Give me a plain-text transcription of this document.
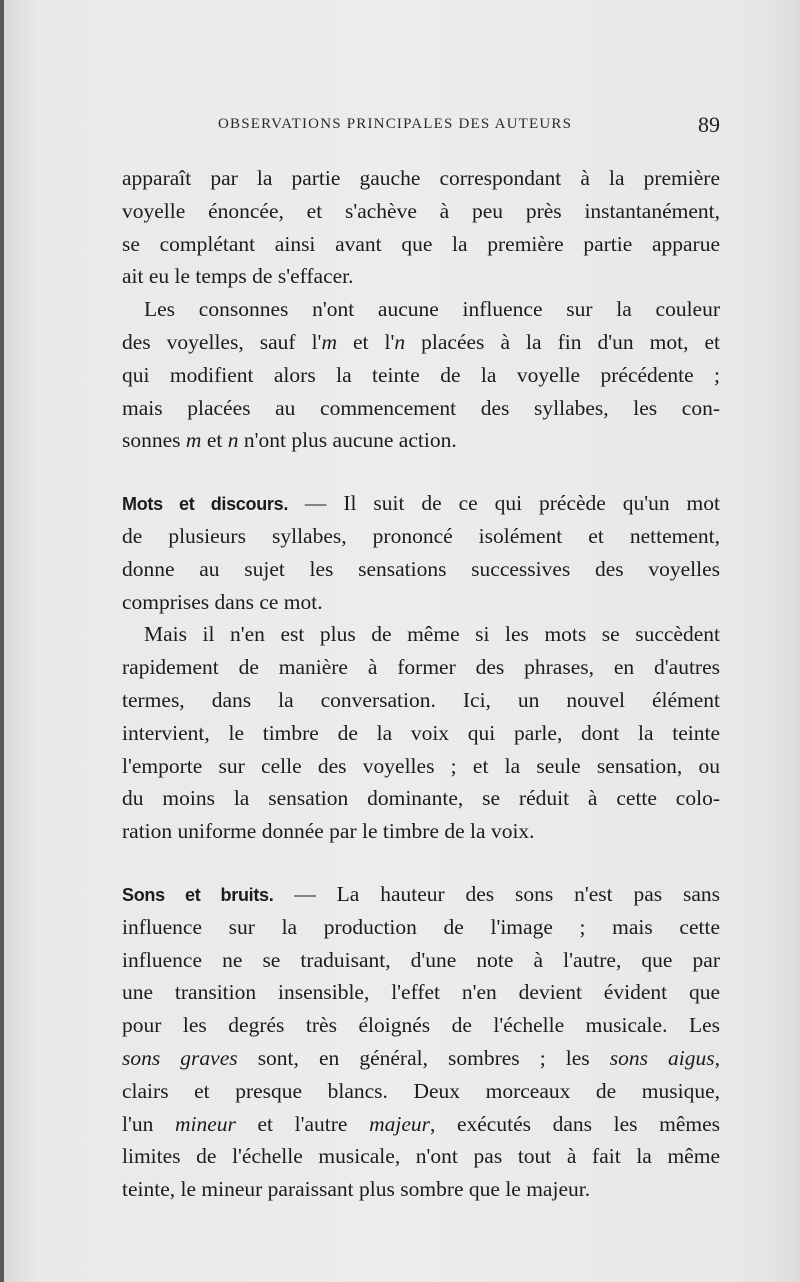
OBSERVATIONS PRINCIPALES DES AUTEURS	89
apparaît par la partie gauche correspondant à la première
voyelle énoncée, et s'achève à peu près instantanément,
se complétant ainsi avant que la première partie apparue
ait eu le temps de s'effacer.
Les consonnes n'ont aucune influence sur la couleur
des voyelles, sauf l'm et l'n placées à la fin d'un mot, et
qui modifient alors la teinte de la voyelle précédente ;
mais placées au commencement des syllabes, les con-
sonnes m et n n'ont plus aucune action.
Mots et discours. — Il suit de ce qui précède qu'un mot
de plusieurs syllabes, prononcé isolément et nettement,
donne au sujet les sensations successives des voyelles
comprises dans ce mot.
Mais il n'en est plus de même si les mots se succèdent
rapidement de manière à former des phrases, en d'autres
termes, dans la conversation. Ici, un nouvel élément
intervient, le timbre de la voix qui parle, dont la teinte
l'emporte sur celle des voyelles ; et la seule sensation, ou
du moins la sensation dominante, se réduit à cette colo-
ration uniforme donnée par le timbre de la voix.
Sons et bruits. — La hauteur des sons n'est pas sans
influence sur la production de l'image ; mais cette
influence ne se traduisant, d'une note à l'autre, que par
une transition insensible, l'effet n'en devient évident que
pour les degrés très éloignés de l'échelle musicale. Les
sons graves sont, en général, sombres ; les sons aigus,
clairs et presque blancs. Deux morceaux de musique,
l'un mineur et l'autre majeur, exécutés dans les mêmes
limites de l'échelle musicale, n'ont pas tout à fait la même
teinte, le mineur paraissant plus sombre que le majeur.
